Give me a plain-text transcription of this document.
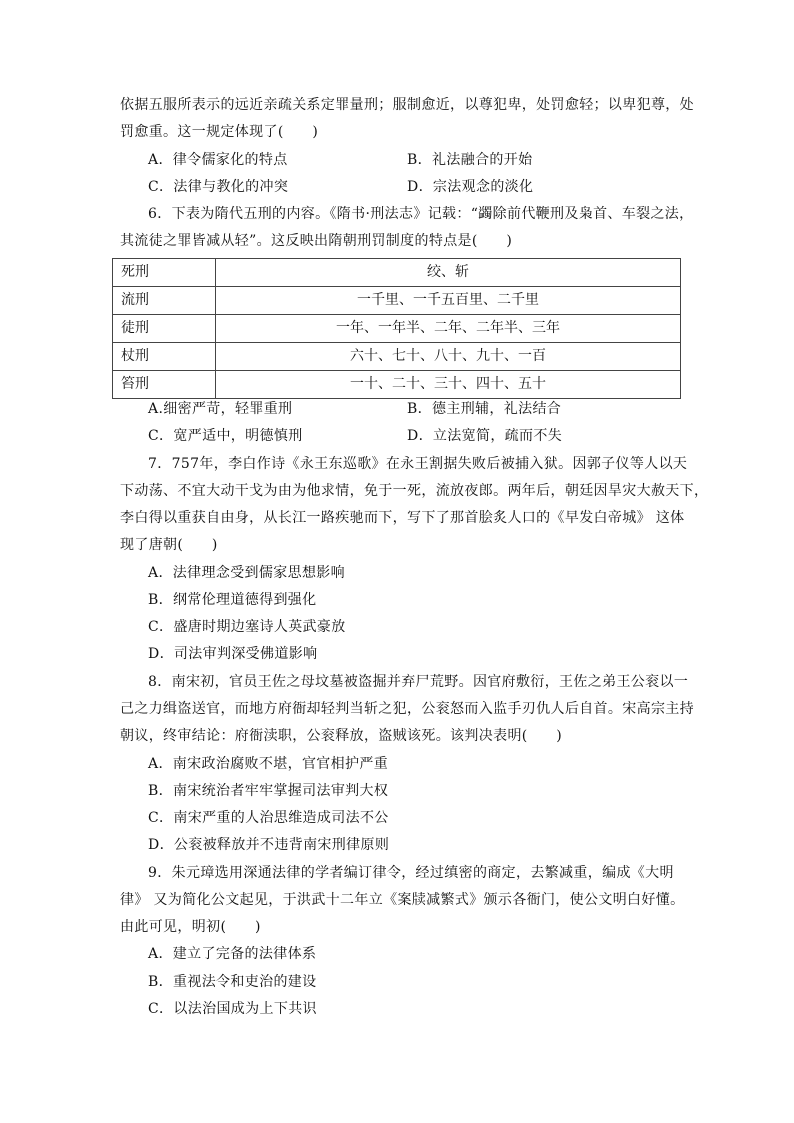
依据五服所表示的远近亲疏关系定罪量刑；服制愈近，以尊犯卑，处罚愈轻；以卑犯尊，处
罚愈重。这一规定体现了(　　)
A．律令儒家化的特点	B．礼法融合的开始
C．法律与教化的冲突	D．宗法观念的淡化
6．下表为隋代五刑的内容。《隋书·刑法志》记载：“蠲除前代鞭刑及枭首、车裂之法，
其流徒之罪皆减从轻”。这反映出隋朝刑罚制度的特点是(　　)
死刑	绞、斩
流刑	一千里、一千五百里、二千里
徒刑	一年、一年半、二年、二年半、三年
杖刑	六十、七十、八十、九十、一百
笞刑	一十、二十、三十、四十、五十
A.细密严苛，轻罪重刑	B．德主刑辅，礼法结合
C．宽严适中，明德慎刑	D．立法宽简，疏而不失
7．757年，李白作诗《永王东巡歌》在永王割据失败后被捕入狱。因郭子仪等人以天
下动荡、不宜大动干戈为由为他求情，免于一死，流放夜郎。两年后，朝廷因旱灾大赦天下，
李白得以重获自由身，从长江一路疾驰而下，写下了那首脍炙人口的《早发白帝城》 这体
现了唐朝(　　)
A．法律理念受到儒家思想影响
B．纲常伦理道德得到强化
C．盛唐时期边塞诗人英武豪放
D．司法审判深受佛道影响
8．南宋初，官员王佐之母坟墓被盗掘并弃尸荒野。因官府敷衍，王佐之弟王公衮以一
己之力缉盗送官，而地方府衙却轻判当斩之犯，公衮怒而入监手刃仇人后自首。宋高宗主持
朝议，终审结论：府衙渎职，公衮释放，盗贼该死。该判决表明(　　)
A．南宋政治腐败不堪，官官相护严重
B．南宋统治者牢牢掌握司法审判大权
C．南宋严重的人治思维造成司法不公
D．公衮被释放并不违背南宋刑律原则
9．朱元璋选用深通法律的学者编订律令，经过缜密的商定，去繁减重，编成《大明
律》 又为简化公文起见，于洪武十二年立《案牍减繁式》颁示各衙门，使公文明白好懂。
由此可见，明初(　　)
A．建立了完备的法律体系
B．重视法令和吏治的建设
C．以法治国成为上下共识
